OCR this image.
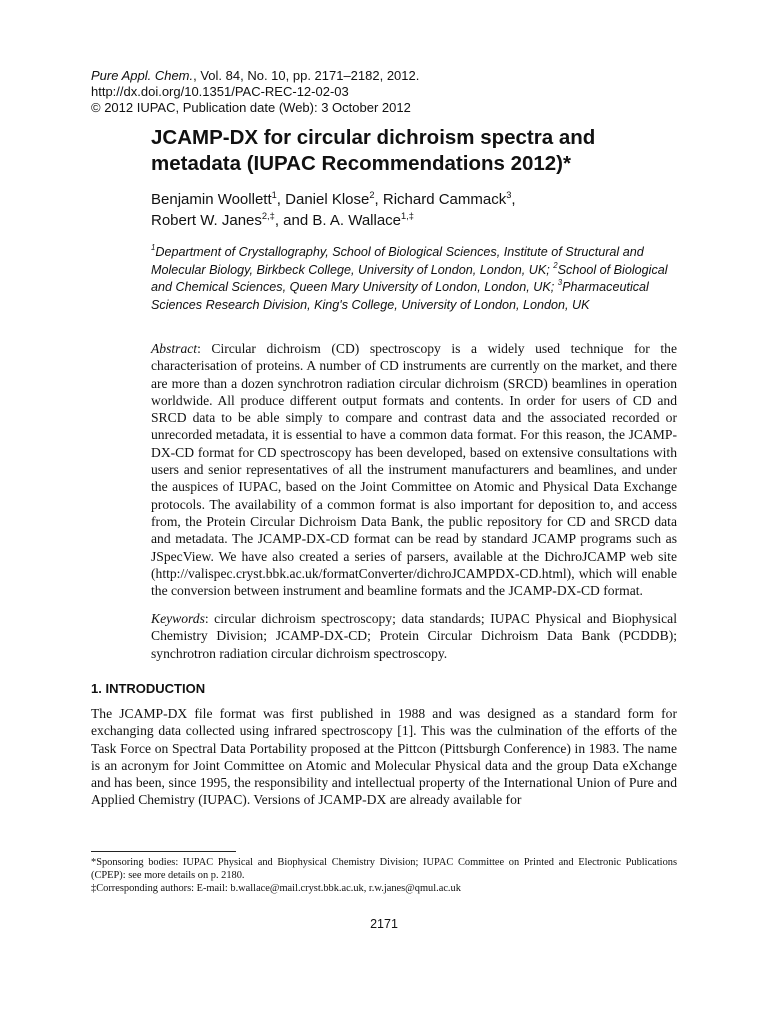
Pure Appl. Chem., Vol. 84, No. 10, pp. 2171–2182, 2012.
http://dx.doi.org/10.1351/PAC-REC-12-02-03
© 2012 IUPAC, Publication date (Web): 3 October 2012
JCAMP-DX for circular dichroism spectra and
metadata (IUPAC Recommendations 2012)*
Benjamin Woollett$^1$, Daniel Klose$^2$, Richard Cammack$^3$,
Robert W. Janes$^{2,\ddagger}$, and B. A. Wallace$^{1,\ddagger}$
$^1$Department of Crystallography, School of Biological Sciences, Institute of Structural and Molecular Biology, Birkbeck College, University of London, London, UK; $^2$School of Biological and Chemical Sciences, Queen Mary University of London, London, UK; $^3$Pharmaceutical Sciences Research Division, King's College, University of London, London, UK

Abstract: Circular dichroism (CD) spectroscopy is a widely used technique for the characterisation of proteins. A number of CD instruments are currently on the market, and there are more than a dozen synchrotron radiation circular dichroism (SRCD) beamlines in operation worldwide. All produce different output formats and contents. In order for users of CD and SRCD data to be able simply to compare and contrast data and the associated recorded or unrecorded metadata, it is essential to have a common data format. For this reason, the JCAMP-DX-CD format for CD spectroscopy has been developed, based on extensive consultations with users and senior representatives of all the instrument manufacturers and beamlines, and under the auspices of IUPAC, based on the Joint Committee on Atomic and Physical Data Exchange protocols. The availability of a common format is also important for deposition to, and access from, the Protein Circular Dichroism Data Bank, the public repository for CD and SRCD data and metadata. The JCAMP-DX-CD format can be read by standard JCAMP programs such as JSpecView. We have also created a series of parsers, available at the DichroJCAMP web site (http://valispec.cryst.bbk.ac.uk/formatConverter/dichroJCAMPDX-CD.html), which will enable the conversion between instrument and beamline formats and the JCAMP-DX-CD format.

Keywords: circular dichroism spectroscopy; data standards; IUPAC Physical and Biophysical Chemistry Division; JCAMP-DX-CD; Protein Circular Dichroism Data Bank (PCDDB); synchrotron radiation circular dichroism spectroscopy.

1. INTRODUCTION

The JCAMP-DX file format was first published in 1988 and was designed as a standard form for exchanging data collected using infrared spectroscopy [1]. This was the culmination of the efforts of the Task Force on Spectral Data Portability proposed at the Pittcon (Pittsburgh Conference) in 1983. The name is an acronym for Joint Committee on Atomic and Molecular Physical data and the group Data eXchange and has been, since 1995, the responsibility and intellectual property of the International Union of Pure and Applied Chemistry (IUPAC). Versions of JCAMP-DX are already available for

*Sponsoring bodies: IUPAC Physical and Biophysical Chemistry Division; IUPAC Committee on Printed and Electronic Publications (CPEP): see more details on p. 2180.

‡Corresponding authors: E-mail: b.wallace@mail.cryst.bbk.ac.uk, r.w.janes@qmul.ac.uk

2171
